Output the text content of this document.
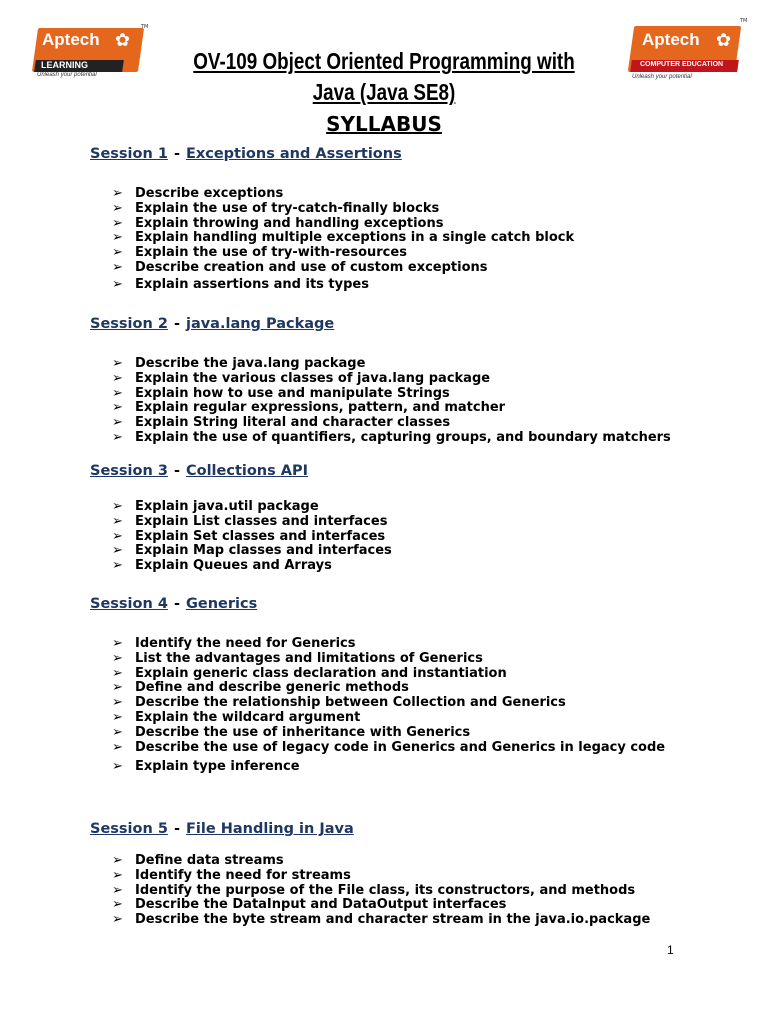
Aptech ✿
LEARNING
Unleash your potential
TM
Aptech ✿
COMPUTER EDUCATION
Unleash your potential
TM
OV-109 Object Oriented Programming with
Java (Java SE8)
SYLLABUS
Session 1 - Exceptions and Assertions
➢ Describe exceptions
➢ Explain the use of try-catch-finally blocks
➢ Explain throwing and handling exceptions
➢ Explain handling multiple exceptions in a single catch block
➢ Explain the use of try-with-resources
➢ Describe creation and use of custom exceptions
➢ Explain assertions and its types
Session 2 - java.lang Package
➢ Describe the java.lang package
➢ Explain the various classes of java.lang package
➢ Explain how to use and manipulate Strings
➢ Explain regular expressions, pattern, and matcher
➢ Explain String literal and character classes
➢ Explain the use of quantifiers, capturing groups, and boundary matchers
Session 3 - Collections API
➢ Explain java.util package
➢ Explain List classes and interfaces
➢ Explain Set classes and interfaces
➢ Explain Map classes and interfaces
➢ Explain Queues and Arrays
Session 4 - Generics
➢ Identify the need for Generics
➢ List the advantages and limitations of Generics
➢ Explain generic class declaration and instantiation
➢ Define and describe generic methods
➢ Describe the relationship between Collection and Generics
➢ Explain the wildcard argument
➢ Describe the use of inheritance with Generics
➢ Describe the use of legacy code in Generics and Generics in legacy code
➢ Explain type inference
Session 5 - File Handling in Java
➢ Define data streams
➢ Identify the need for streams
➢ Identify the purpose of the File class, its constructors, and methods
➢ Describe the DataInput and DataOutput interfaces
➢ Describe the byte stream and character stream in the java.io.package
1
